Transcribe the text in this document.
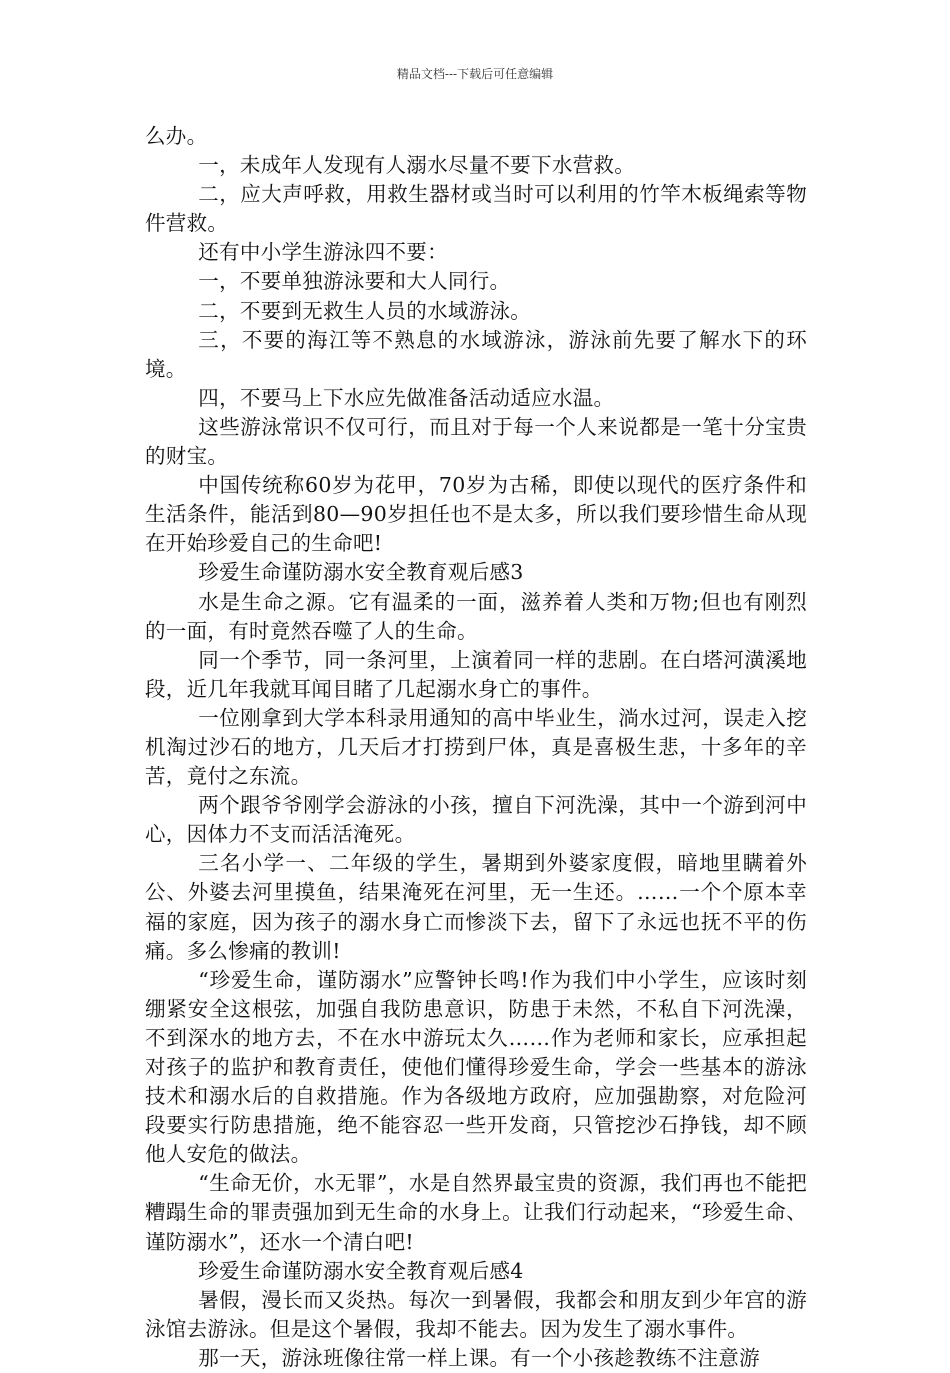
精品文档---下载后可任意编辑

么办。

一，未成年人发现有人溺水尽量不要下水营救。

二，应大声呼救，用救生器材或当时可以利用的竹竿木板绳索等物件营救。

还有中小学生游泳四不要：

一，不要单独游泳要和大人同行。

二，不要到无救生人员的水域游泳。

三，不要的海江等不熟息的水域游泳，游泳前先要了解水下的环境。

四，不要马上下水应先做准备活动适应水温。

这些游泳常识不仅可行，而且对于每一个人来说都是一笔十分宝贵的财宝。

中国传统称60岁为花甲，70岁为古稀，即使以现代的医疗条件和生活条件，能活到80—90岁担任也不是太多，所以我们要珍惜生命从现在开始珍爱自己的生命吧!

珍爱生命谨防溺水安全教育观后感3

水是生命之源。它有温柔的一面，滋养着人类和万物;但也有刚烈的一面，有时竟然吞噬了人的生命。

同一个季节，同一条河里，上演着同一样的悲剧。在白塔河潢溪地段，近几年我就耳闻目睹了几起溺水身亡的事件。

一位刚拿到大学本科录用通知的高中毕业生，淌水过河，误走入挖机淘过沙石的地方，几天后才打捞到尸体，真是喜极生悲，十多年的辛苦，竟付之东流。

两个跟爷爷刚学会游泳的小孩，擅自下河洗澡，其中一个游到河中心，因体力不支而活活淹死。

三名小学一、二年级的学生，暑期到外婆家度假，暗地里瞒着外公、外婆去河里摸鱼，结果淹死在河里，无一生还。……一个个原本幸福的家庭，因为孩子的溺水身亡而惨淡下去，留下了永远也抚不平的伤痛。多么惨痛的教训!

“珍爱生命，谨防溺水”应警钟长鸣!作为我们中小学生，应该时刻绷紧安全这根弦，加强自我防患意识，防患于未然，不私自下河洗澡，不到深水的地方去，不在水中游玩太久……作为老师和家长，应承担起对孩子的监护和教育责任，使他们懂得珍爱生命，学会一些基本的游泳技术和溺水后的自救措施。作为各级地方政府，应加强勘察，对危险河段要实行防患措施，绝不能容忍一些开发商，只管挖沙石挣钱，却不顾他人安危的做法。

“生命无价，水无罪”，水是自然界最宝贵的资源，我们再也不能把糟蹋生命的罪责强加到无生命的水身上。让我们行动起来，“珍爱生命、谨防溺水”，还水一个清白吧!

珍爱生命谨防溺水安全教育观后感4

暑假，漫长而又炎热。每次一到暑假，我都会和朋友到少年宫的游泳馆去游泳。但是这个暑假，我却不能去。因为发生了溺水事件。

那一天，游泳班像往常一样上课。有一个小孩趁教练不注意游
